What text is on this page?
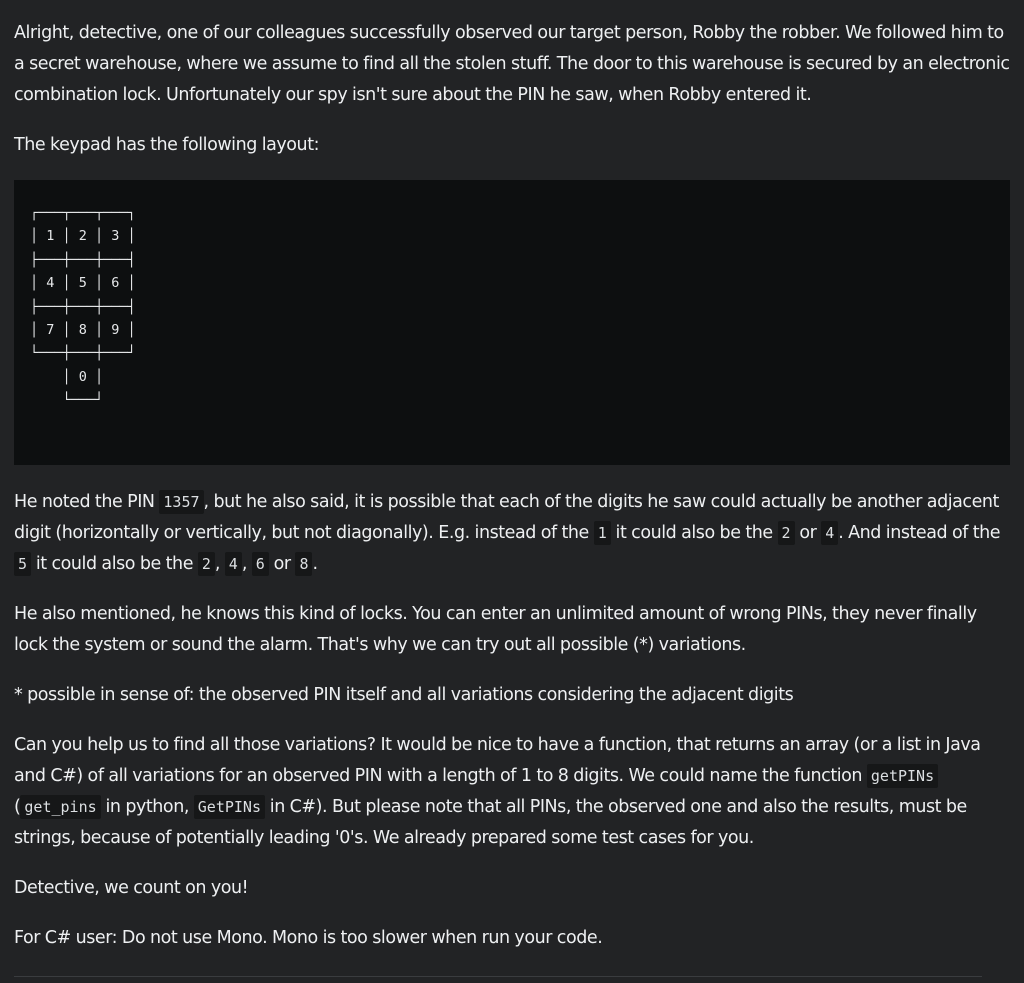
Alright, detective, one of our colleagues successfully observed our target person, Robby the robber. We followed him to a secret warehouse, where we assume to find all the stolen stuff. The door to this warehouse is secured by an electronic combination lock. Unfortunately our spy isn't sure about the PIN he saw, when Robby entered it.

The keypad has the following layout:

┌───┬───┬───┐
│ 1 │ 2 │ 3 │
├───┼───┼───┤
│ 4 │ 5 │ 6 │
├───┼───┼───┤
│ 7 │ 8 │ 9 │
└───┼───┼───┘
│ 0 │
└───┘

He noted the PIN 1357 , but he also said, it is possible that each of the digits he saw could actually be another adjacent digit (horizontally or vertically, but not diagonally). E.g. instead of the 1 it could also be the 2 or 4 . And instead of the 5 it could also be the 2 , 4 , 6 or 8 .

He also mentioned, he knows this kind of locks. You can enter an unlimited amount of wrong PINs, they never finally lock the system or sound the alarm. That's why we can try out all possible (*) variations.

* possible in sense of: the observed PIN itself and all variations considering the adjacent digits

Can you help us to find all those variations? It would be nice to have a function, that returns an array (or a list in Java and C#) of all variations for an observed PIN with a length of 1 to 8 digits. We could name the function getPINs ( get_pins in python, GetPINs in C#). But please note that all PINs, the observed one and also the results, must be strings, because of potentially leading '0's. We already prepared some test cases for you.

Detective, we count on you!

For C# user: Do not use Mono. Mono is too slower when run your code.
